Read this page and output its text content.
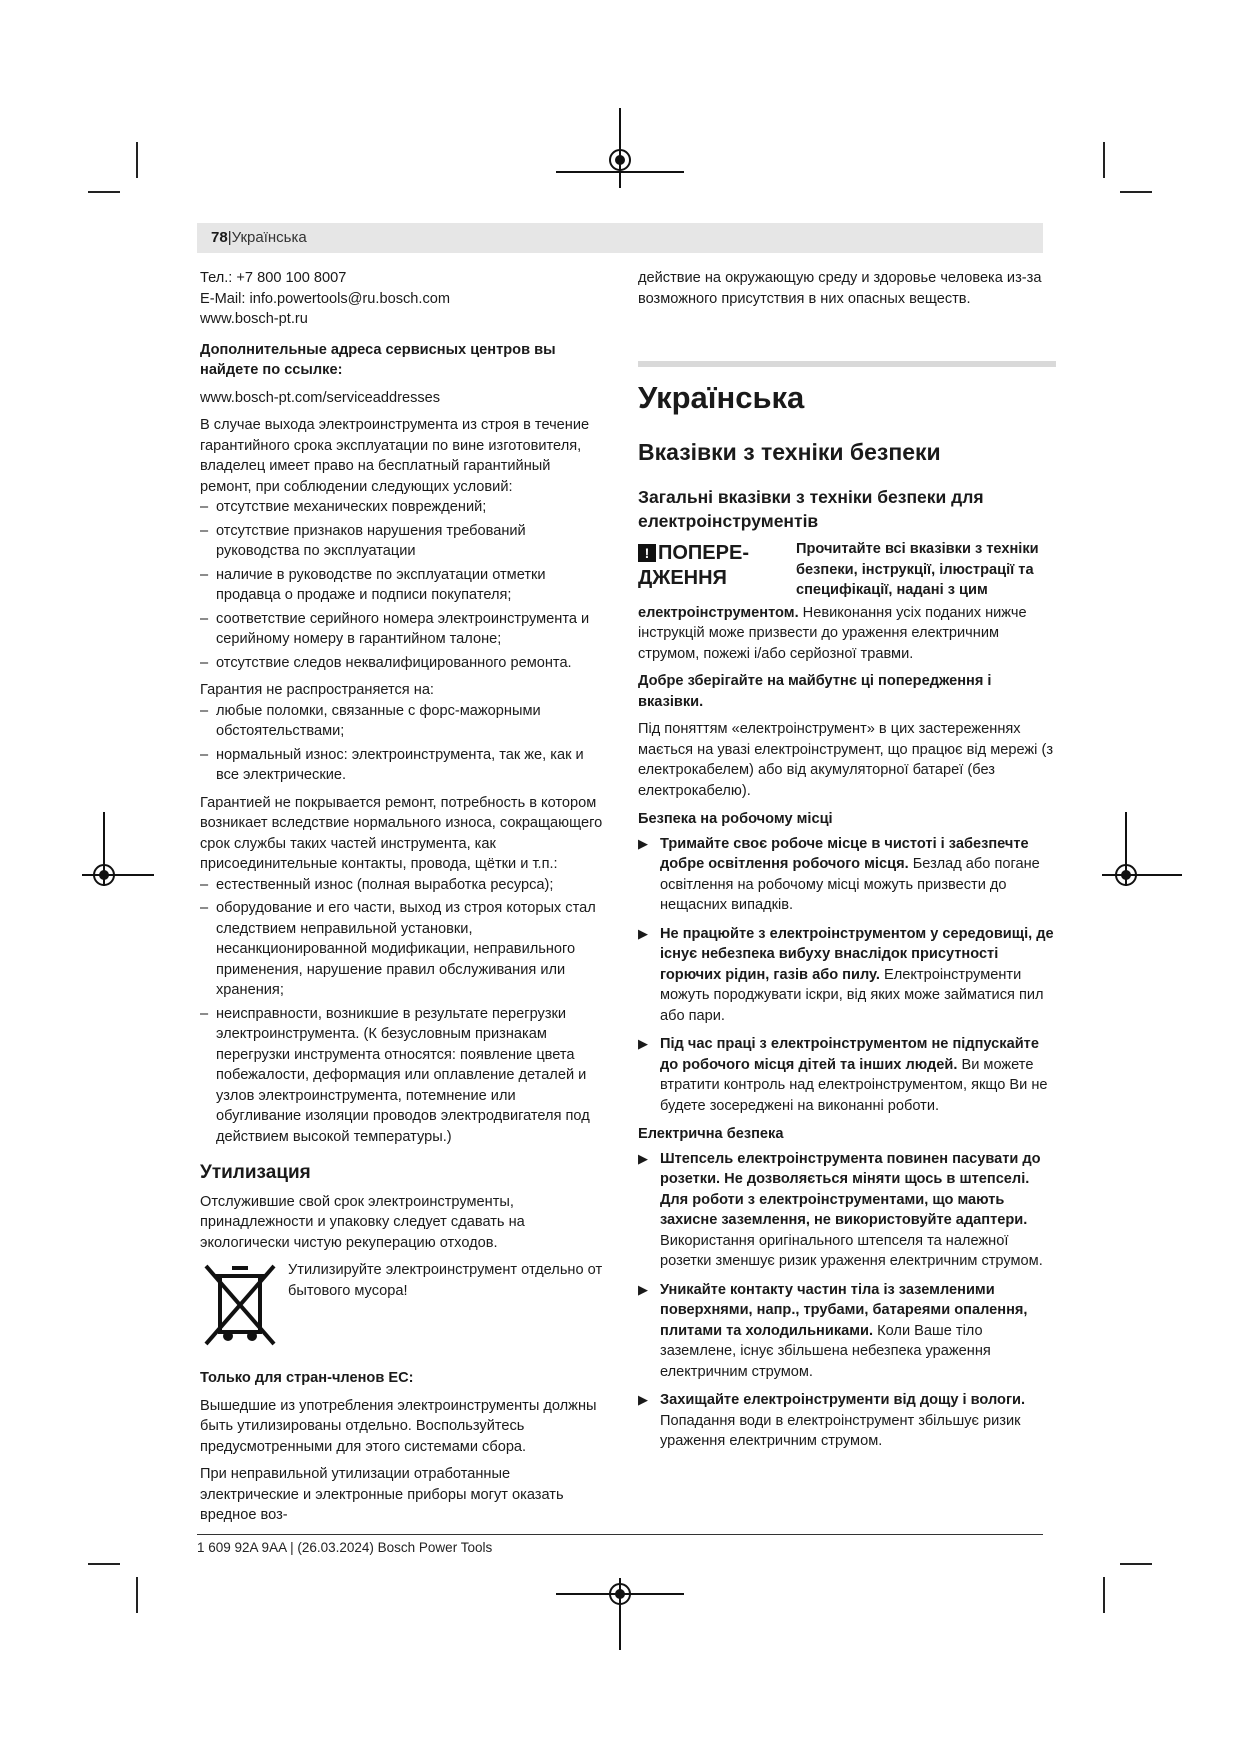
78|Українська
Тел.: +7 800 100 8007
E-Mail: info.powertools@ru.bosch.com
www.bosch-pt.ru

Дополнительные адреса сервисных центров вы найдете по ссылке:

www.bosch-pt.com/serviceaddresses

В случае выхода электроинструмента из строя в течение гарантийного срока эксплуатации по вине изготовителя, владелец имеет право на бесплатный гарантийный ремонт, при соблюдении следующих условий:
– отсутствие механических повреждений;
– отсутствие признаков нарушения требований руководства по эксплуатации
– наличие в руководстве по эксплуатации отметки продавца о продаже и подписи покупателя;
– соответствие серийного номера электроинструмента и серийному номеру в гарантийном талоне;
– отсутствие следов неквалифицированного ремонта.
Гарантия не распространяется на:
– любые поломки, связанные с форс-мажорными обстоятельствами;
– нормальный износ: электроинструмента, так же, как и все электрические.
Гарантией не покрывается ремонт, потребность в котором возникает вследствие нормального износа, сокращающего срок службы таких частей инструмента, как присоединительные контакты, провода, щётки и т.п.:
– естественный износ (полная выработка ресурса);
– оборудование и его части, выход из строя которых стал следствием неправильной установки, несанкционированной модификации, неправильного применения, нарушение правил обслуживания или хранения;
– неисправности, возникшие в результате перегрузки электроинструмента. (К безусловным признакам перегрузки инструмента относятся: появление цвета побежалости, деформация или оплавление деталей и узлов электроинструмента, потемнение или обугливание изоляции проводов электродвигателя под действием высокой температуры.)
Утилизация

Отслужившие свой срок электроинструменты, принадлежности и упаковку следует сдавать на экологически чистую рекуперацию отходов.

Утилизируйте электроинструмент отдельно от бытового мусора!

Только для стран-членов ЕС:

Вышедшие из употребления электроинструменты должны быть утилизированы отдельно. Воспользуйтесь предусмотренными для этого системами сбора.

При неправильной утилизации отработанные электрические и электронные приборы могут оказать вредное воз-

действие на окружающую среду и здоровье человека из-за возможного присутствия в них опасных веществ.

Українська
Вказівки з техніки безпеки
Загальні вказівки з техніки безпеки для електроінструментів
! ПОПЕРЕ-ДЖЕННЯ
Прочитайте всі вказівки з техніки безпеки, інструкції, ілюстрації та специфікації, надані з цим

електроінструментом. Невиконання усіх поданих нижче інструкцій може призвести до ураження електричним струмом, пожежі і/або серйозної травми.

Добре зберігайте на майбутнє ці попередження і вказівки.

Під поняттям «електроінструмент» в цих застереженнях мається на увазі електроінструмент, що працює від мережі (з електрокабелем) або від акумуляторної батареї (без електрокабелю).

Безпека на робочому місці
▶ Тримайте своє робоче місце в чистоті і забезпечте добре освітлення робочого місця. Безлад або погане освітлення на робочому місці можуть призвести до нещасних випадків.
▶ Не працюйте з електроінструментом у середовищі, де існує небезпека вибуху внаслідок присутності горючих рідин, газів або пилу. Електроінструменти можуть породжувати іскри, від яких може займатися пил або пари.
▶ Під час праці з електроінструментом не підпускайте до робочого місця дітей та інших людей. Ви можете втратити контроль над електроінструментом, якщо Ви не будете зосереджені на виконанні роботи.
Електрична безпека
▶ Штепсель електроінструмента повинен пасувати до розетки. Не дозволяється міняти щось в штепселі. Для роботи з електроінструментами, що мають захисне заземлення, не використовуйте адаптери. Використання оригінального штепселя та належної розетки зменшує ризик ураження електричним струмом.
▶ Уникайте контакту частин тіла із заземленими поверхнями, напр., трубами, батареями опалення, плитами та холодильниками. Коли Ваше тіло заземлене, існує збільшена небезпека ураження електричним струмом.
▶ Захищайте електроінструменти від дощу і вологи. Попадання води в електроінструмент збільшує ризик ураження електричним струмом.
1 609 92A 9AA | (26.03.2024) Bosch Power Tools
